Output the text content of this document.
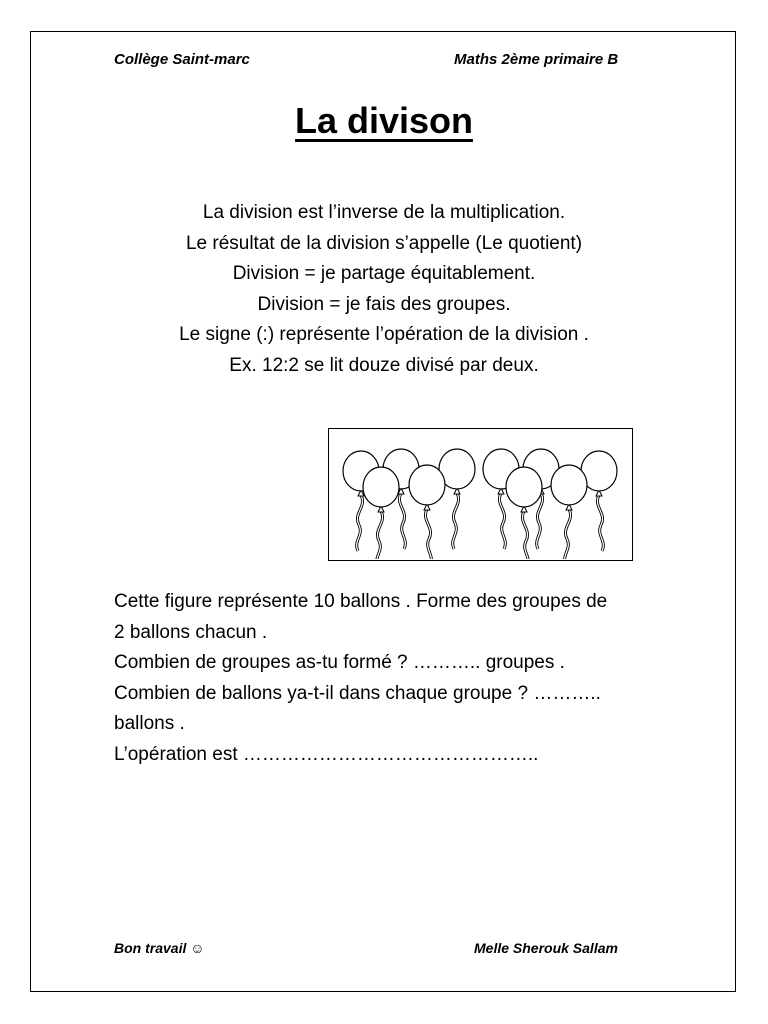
Collège Saint-marc	Maths 2ème primaire B
La divison
La division est l’inverse de la multiplication.
Le résultat de la division s’appelle (Le quotient)
Division = je partage équitablement.
Division = je fais des groupes.
Le signe (:) représente l’opération de la division .
Ex. 12:2 se lit douze divisé par deux.
Cette figure représente 10 ballons . Forme des groupes de
2 ballons chacun .
Combien de groupes as-tu formé ? ……….. groupes .
Combien de ballons ya-t-il dans chaque groupe ? ………..
ballons .
L’opération est ………………………………………..
Bon travail ☺	Melle Sherouk Sallam
